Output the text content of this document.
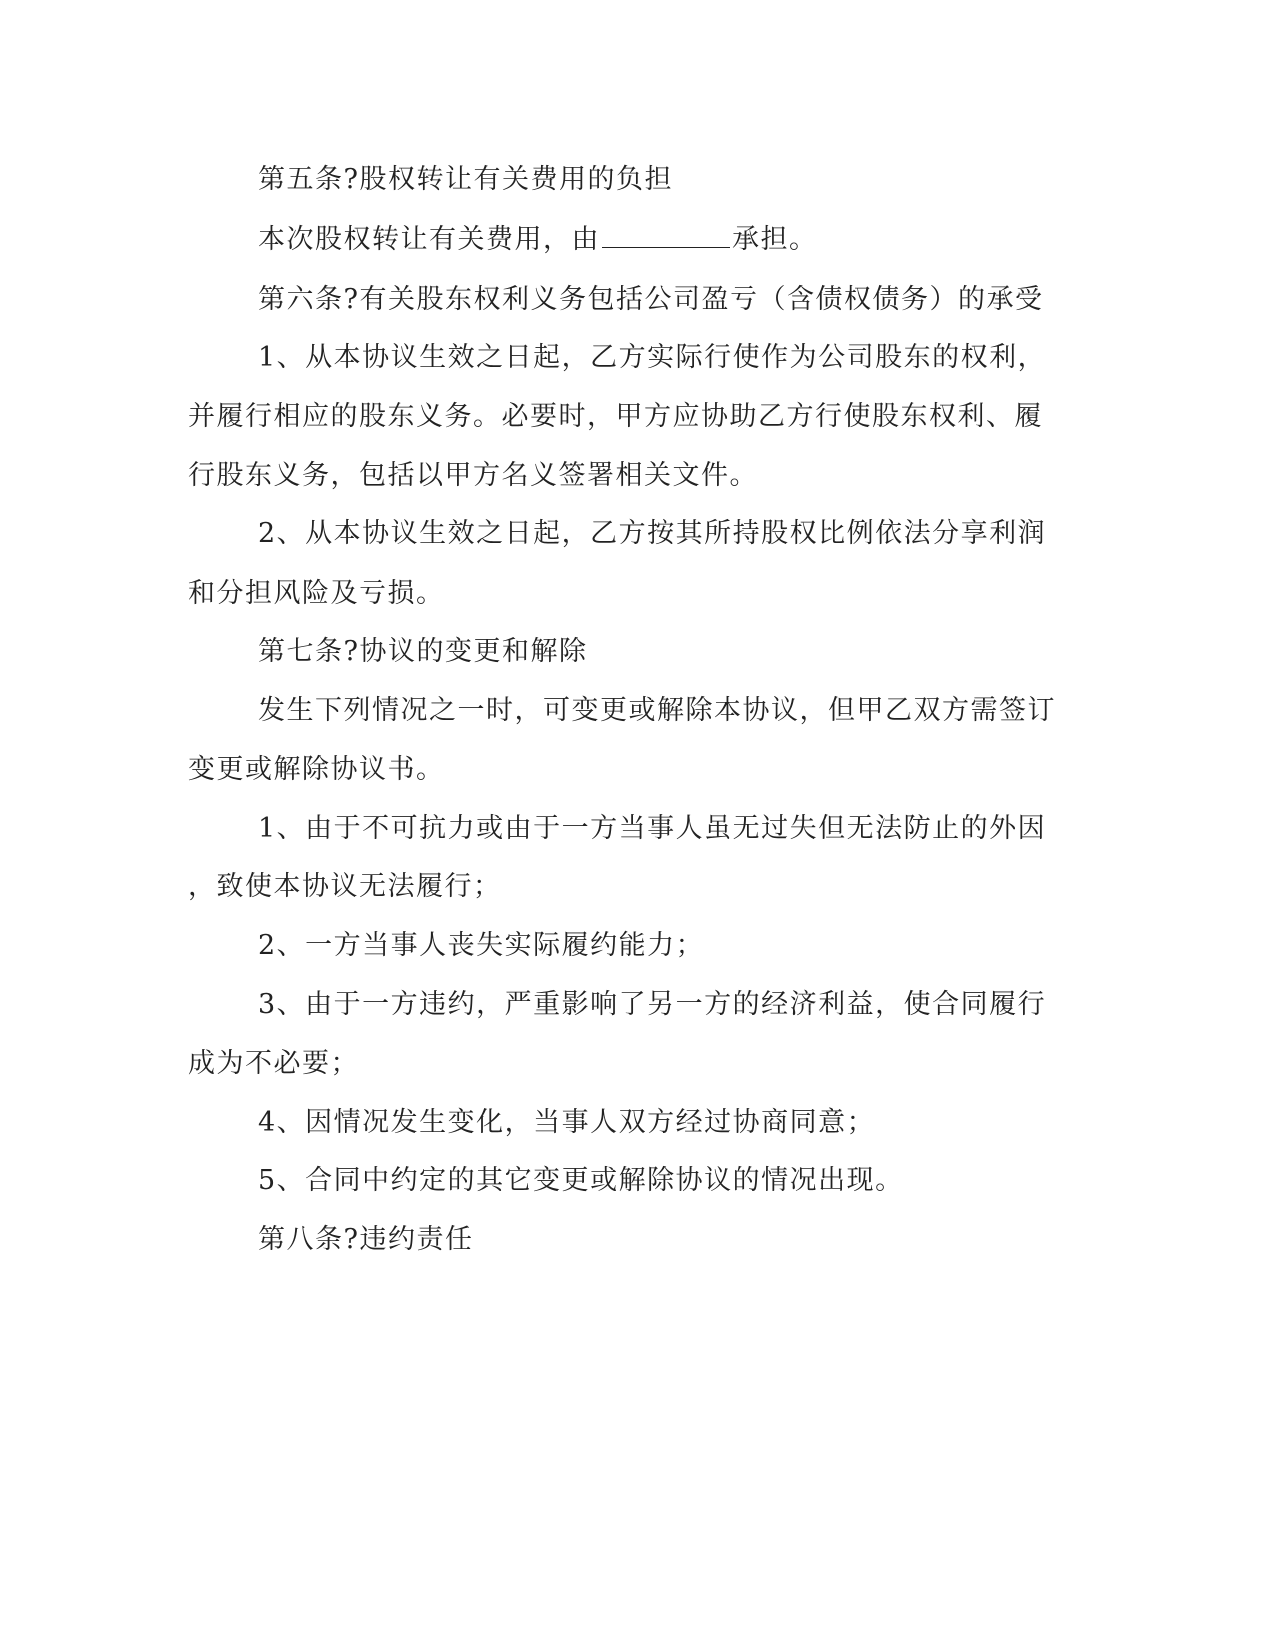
第五条?股权转让有关费用的负担
本次股权转让有关费用，由	承担。
第六条?有关股东权利义务包括公司盈亏（含债权债务）的承受
1、从本协议生效之日起，乙方实际行使作为公司股东的权利，
并履行相应的股东义务。必要时，甲方应协助乙方行使股东权利、履
行股东义务，包括以甲方名义签署相关文件。
2、从本协议生效之日起，乙方按其所持股权比例依法分享利润
和分担风险及亏损。
第七条?协议的变更和解除
发生下列情况之一时，可变更或解除本协议，但甲乙双方需签订
变更或解除协议书。
1、由于不可抗力或由于一方当事人虽无过失但无法防止的外因
，致使本协议无法履行；
2、一方当事人丧失实际履约能力；
3、由于一方违约，严重影响了另一方的经济利益，使合同履行
成为不必要；
4、因情况发生变化，当事人双方经过协商同意；
5、合同中约定的其它变更或解除协议的情况出现。
第八条?违约责任
